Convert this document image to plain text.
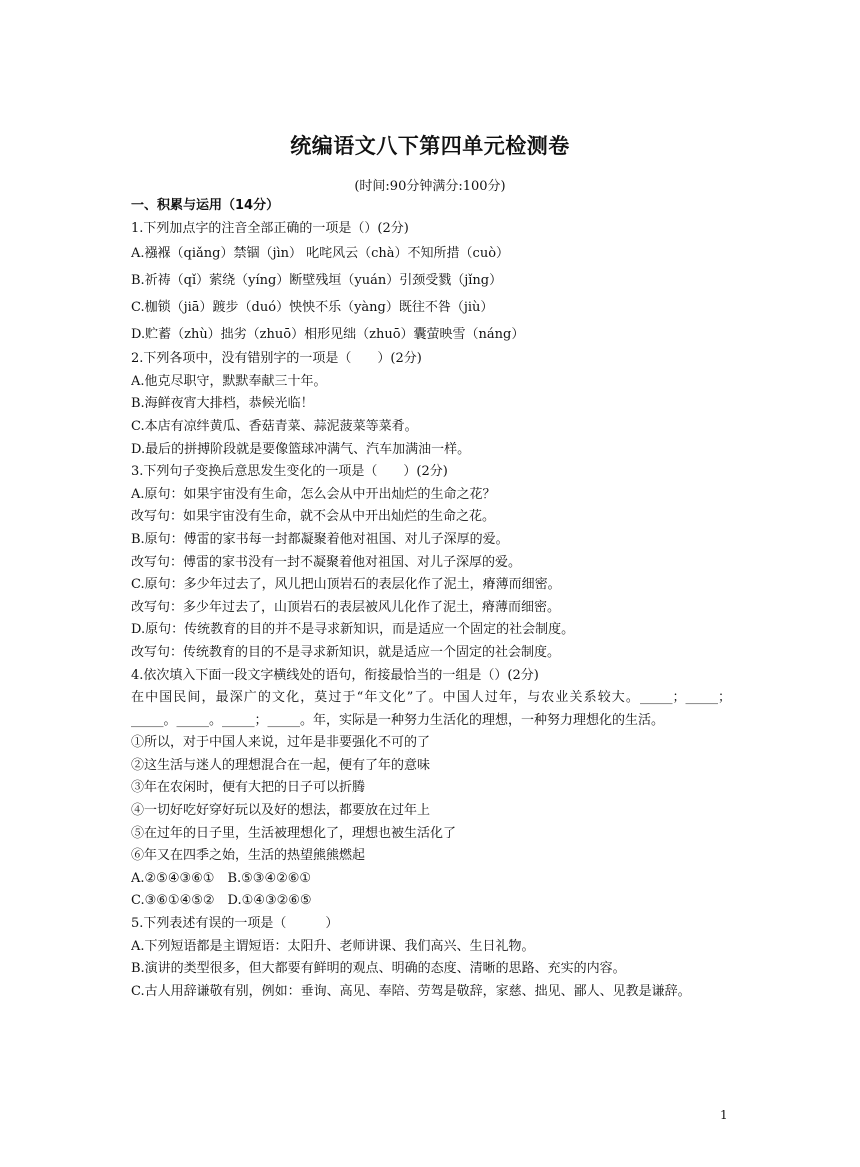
统编语文八下第四单元检测卷
(时间:90分钟满分:100分)
一、积累与运用（14分）
1.下列加点字的注音全部正确的一项是（）(2分)
A.襁褓（qiǎng）禁锢（jìn） 叱咤风云（chà）不知所措（cuò）
B.祈祷（qǐ）萦绕（yíng）断壁残垣（yuán）引颈受戮（jǐng）
C.枷锁（jiā）踱步（duó）怏怏不乐（yàng）既往不咎（jiù）
D.贮蓄（zhù）拙劣（zhuō）相形见绌（zhuō）囊萤映雪（náng）
2.下列各项中，没有错别字的一项是（　　）(2分)
A.他克尽职守，默默奉献三十年。
B.海鲜夜宵大排档，恭候光临！
C.本店有凉绊黄瓜、香菇青菜、蒜泥菠菜等菜肴。
D.最后的拼搏阶段就是要像篮球冲满气、汽车加满油一样。
3.下列句子变换后意思发生变化的一项是（　　）(2分)
A.原句：如果宇宙没有生命，怎么会从中开出灿烂的生命之花？
改写句：如果宇宙没有生命，就不会从中开出灿烂的生命之花。
B.原句：傅雷的家书每一封都凝聚着他对祖国、对儿子深厚的爱。
改写句：傅雷的家书没有一封不凝聚着他对祖国、对儿子深厚的爱。
C.原句：多少年过去了，风儿把山顶岩石的表层化作了泥土，瘠薄而细密。
改写句：多少年过去了，山顶岩石的表层被风儿化作了泥土，瘠薄而细密。
D.原句：传统教育的目的并不是寻求新知识，而是适应一个固定的社会制度。
改写句：传统教育的目的不是寻求新知识，就是适应一个固定的社会制度。
4.依次填入下面一段文字横线处的语句，衔接最恰当的一组是（）(2分)
在中国民间，最深广的文化，莫过于“年文化”了。中国人过年，与农业关系较大。_____；_____；_____。_____。_____；_____。年，实际是一种努力生活化的理想，一种努力理想化的生活。
①所以，对于中国人来说，过年是非要强化不可的了
②这生活与迷人的理想混合在一起，便有了年的意味
③年在农闲时，便有大把的日子可以折腾
④一切好吃好穿好玩以及好的想法，都要放在过年上
⑤在过年的日子里，生活被理想化了，理想也被生活化了
⑥年又在四季之始，生活的热望熊熊燃起
A.②⑤④③⑥①　B.⑤③④②⑥①
C.③⑥①④⑤②　D.①④③②⑥⑤
5.下列表述有误的一项是（　　　）
A.下列短语都是主谓短语：太阳升、老师讲课、我们高兴、生日礼物。
B.演讲的类型很多，但大都要有鲜明的观点、明确的态度、清晰的思路、充实的内容。
C.古人用辞谦敬有别，例如：垂询、高见、奉陪、劳驾是敬辞，家慈、拙见、鄙人、见教是谦辞。
1
